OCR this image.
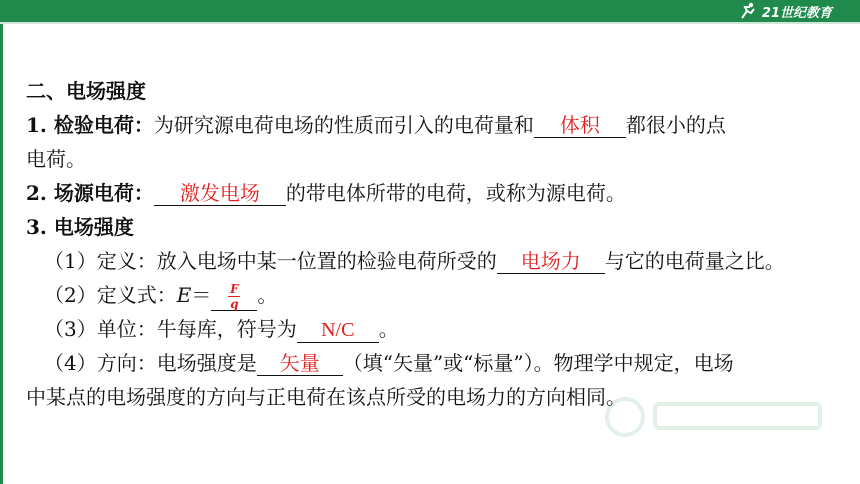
21世纪教育
二、电场强度
1. 检验电荷：为研究源电荷电场的性质而引入的电荷量和 体积 都很小的点
电荷。
2. 场源电荷： 激发电场 的带电体所带的电荷，或称为源电荷。
3. 电场强度
（1）定义：放入电场中某一位置的检验电荷所受的 电场力 与它的电荷量之比。
（2）定义式：$E= \frac{F}{q}$ 。
（3）单位：牛每库，符号为 N/C 。
（4）方向：电场强度是 矢量 （填“矢量”或“标量”）。物理学中规定，电场
中某点的电场强度的方向与正电荷在该点所受的电场力的方向相同。
